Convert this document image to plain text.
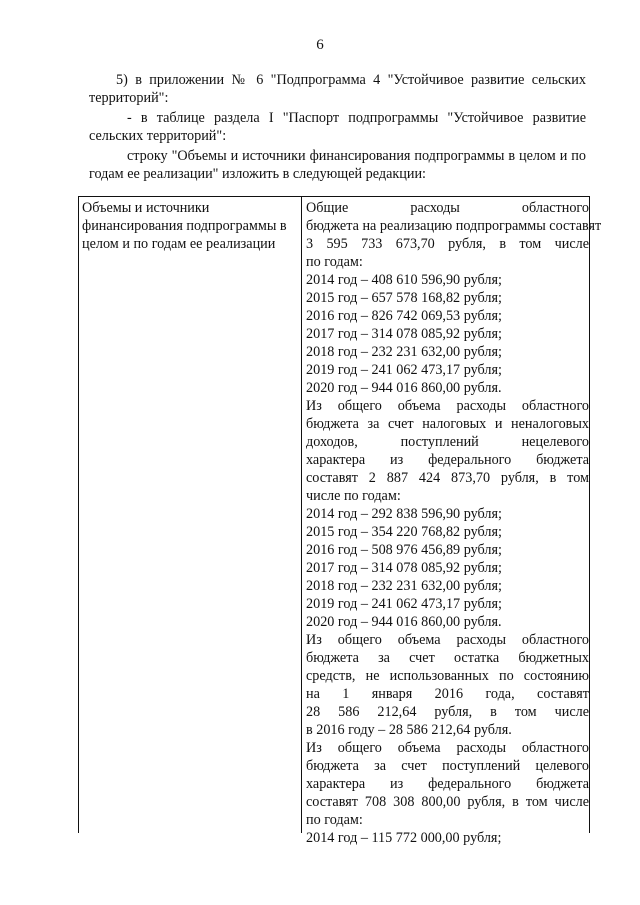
6
5) в приложении № 6 "Подпрограмма 4 "Устойчивое развитие сельских территорий":
- в таблице раздела I "Паспорт подпрограммы "Устойчивое развитие сельских территорий":
строку "Объемы и источники финансирования подпрограммы в целом и по годам ее реализации" изложить в следующей редакции:
Объемы и источники финансирования подпрограммы в целом и по годам ее реализации
Общие расходы областного
бюджета на реализацию подпрограммы составят
3 595 733 673,70 рубля, в том числе
по годам:
2014 год – 408 610 596,90 рубля;
2015 год – 657 578 168,82 рубля;
2016 год – 826 742 069,53 рубля;
2017 год – 314 078 085,92 рубля;
2018 год – 232 231 632,00 рубля;
2019 год – 241 062 473,17 рубля;
2020 год – 944 016 860,00 рубля.
Из общего объема расходы областного
бюджета за счет налоговых и неналоговых
доходов, поступлений нецелевого
характера из федерального бюджета
составят 2 887 424 873,70 рубля, в том
числе по годам:
2014 год – 292 838 596,90 рубля;
2015 год – 354 220 768,82 рубля;
2016 год – 508 976 456,89 рубля;
2017 год – 314 078 085,92 рубля;
2018 год – 232 231 632,00 рубля;
2019 год – 241 062 473,17 рубля;
2020 год – 944 016 860,00 рубля.
Из общего объема расходы областного
бюджета за счет остатка бюджетных
средств, не использованных по состоянию
на 1 января 2016 года, составят
28 586 212,64 рубля, в том числе
в 2016 году – 28 586 212,64 рубля.
Из общего объема расходы областного
бюджета за счет поступлений целевого
характера из федерального бюджета
составят 708 308 800,00 рубля, в том числе
по годам:
2014 год – 115 772 000,00 рубля;
